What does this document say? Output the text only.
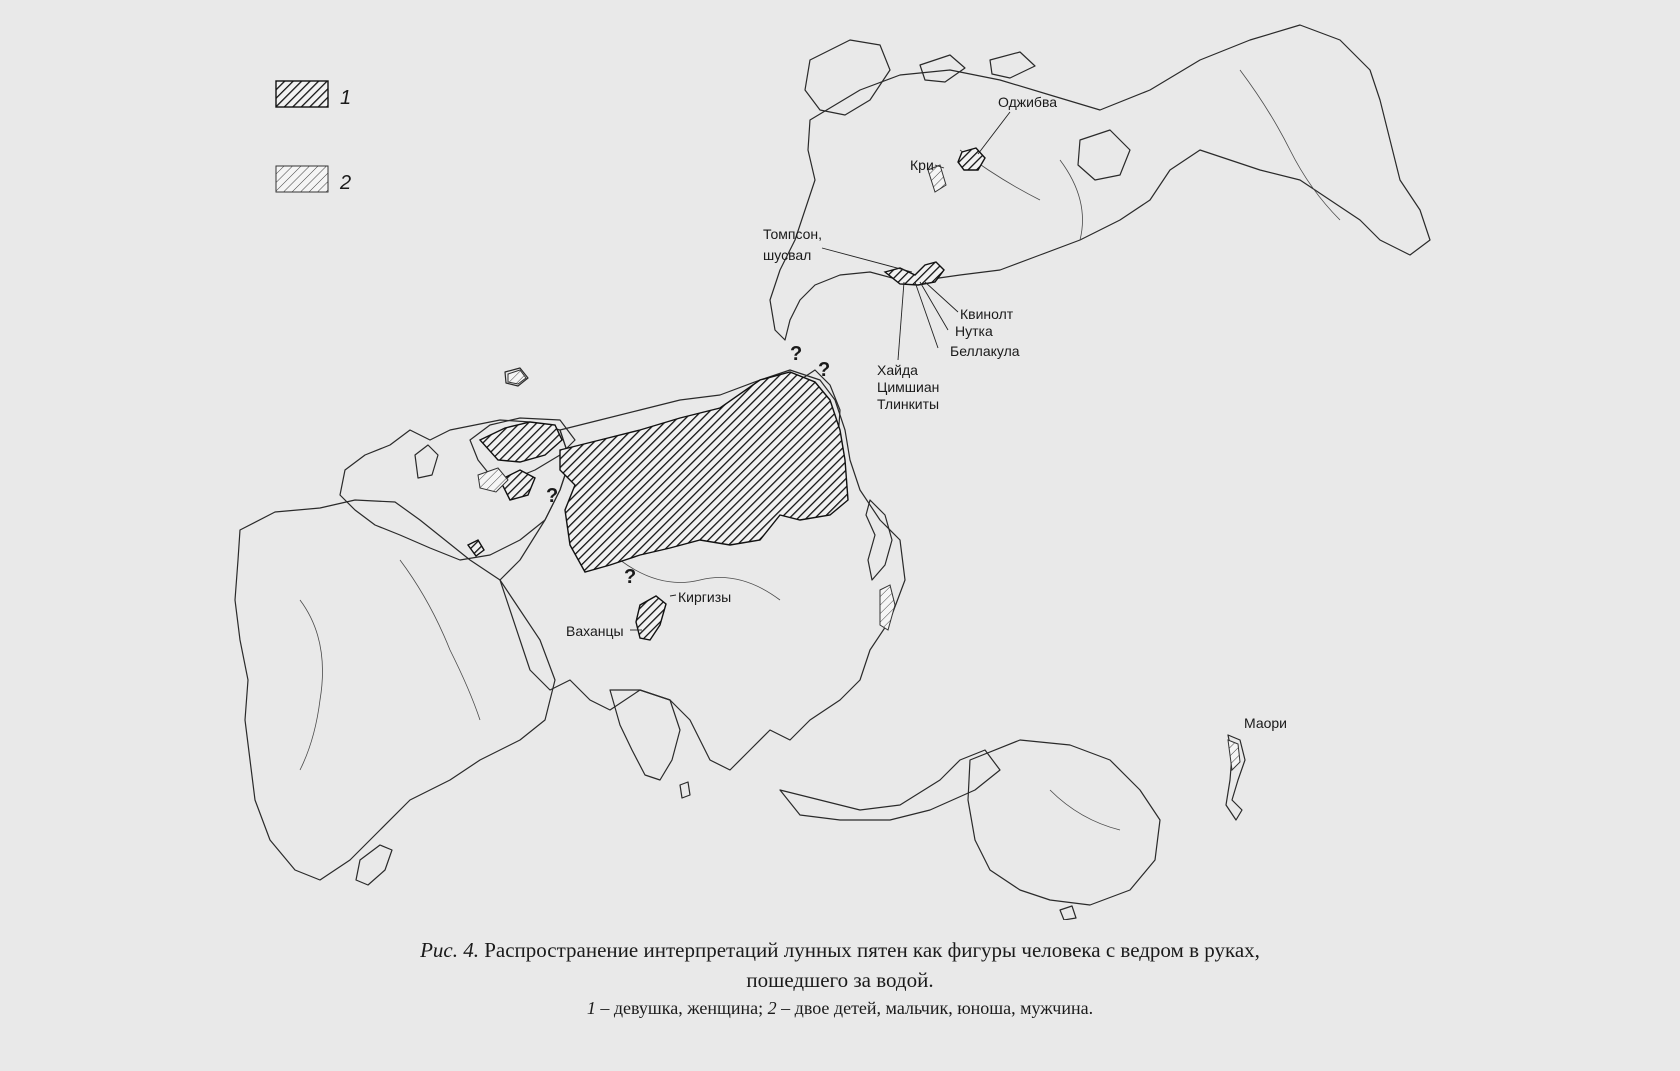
1
2
?
?
?
?
Оджибва
Кри
Томпсон,
шусвал
Квинолт
Нутка
Беллакула
Хайда
Цимшиан
Тлинкиты
Киргизы
Ваханцы
Маори
Рис. 4. Распространение интерпретаций лунных пятен как фигуры человека с ведром в руках,
пошедшего за водой.
1 – девушка, женщина; 2 – двое детей, мальчик, юноша, мужчина.
